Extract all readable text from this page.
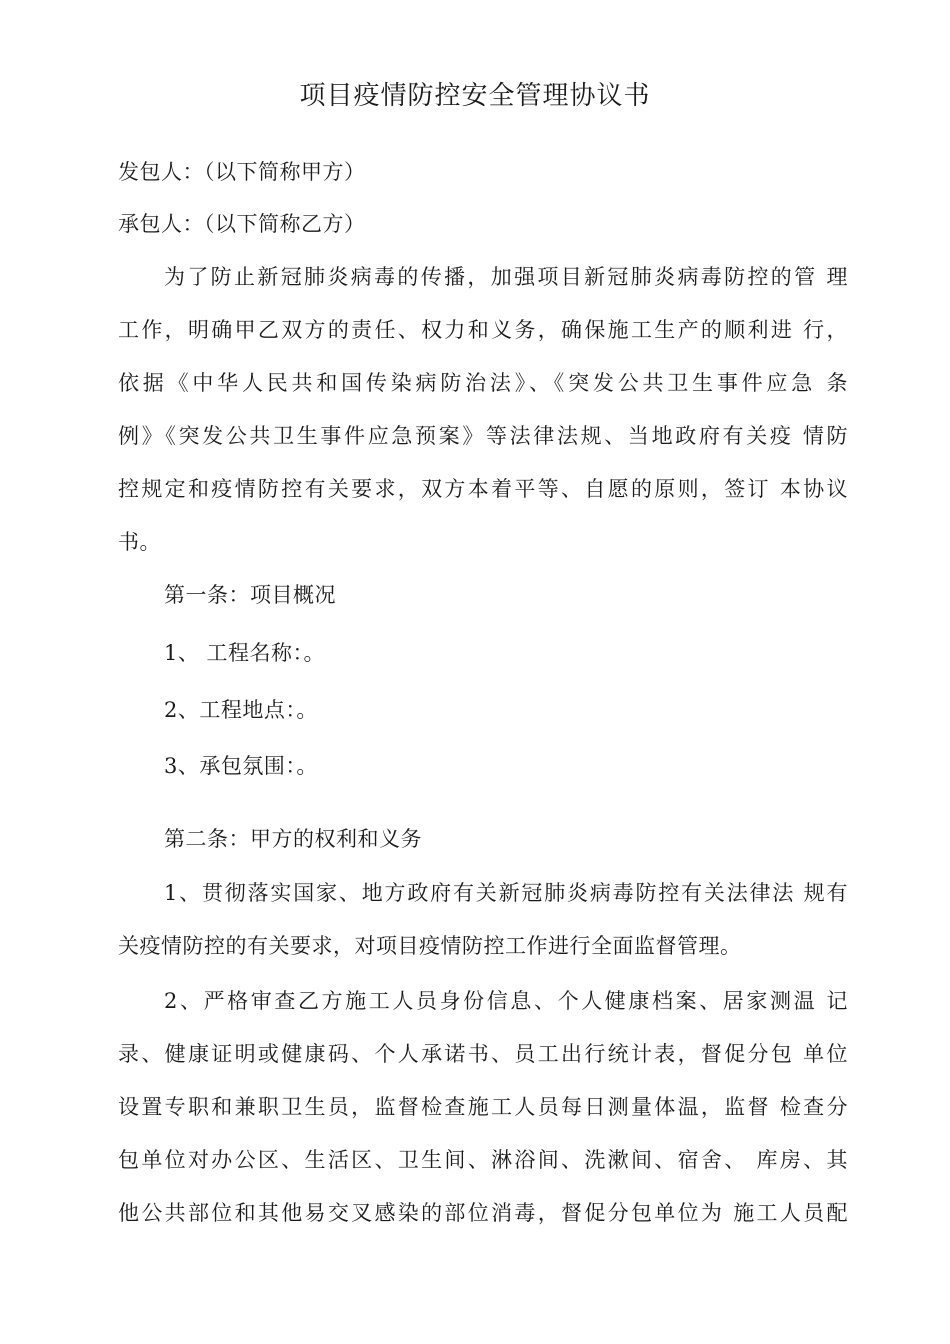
项目疫情防控安全管理协议书
发包人：（以下简称甲方）
承包人：（以下简称乙方）
为了防止新冠肺炎病毒的传播，加强项目新冠肺炎病毒防控的管 理
工作，明确甲乙双方的责任、权力和义务，确保施工生产的顺利进 行，
依据《中华人民共和国传染病防治法》、《突发公共卫生事件应急 条
例》《突发公共卫生事件应急预案》等法律法规、当地政府有关疫 情防
控规定和疫情防控有关要求，双方本着平等、自愿的原则，签订 本协议
书。
第一条：项目概况
1、 工程名称：。
2、工程地点：。
3、承包氛围：。
第二条：甲方的权利和义务
1、贯彻落实国家、地方政府有关新冠肺炎病毒防控有关法律法 规有
关疫情防控的有关要求，对项目疫情防控工作进行全面监督管理。
2、严格审查乙方施工人员身份信息、个人健康档案、居家测温 记
录、健康证明或健康码、个人承诺书、员工出行统计表，督促分包 单位
设置专职和兼职卫生员，监督检查施工人员每日测量体温，监督 检查分
包单位对办公区、生活区、卫生间、淋浴间、洗漱间、宿舍、 库房、其
他公共部位和其他易交叉感染的部位消毒，督促分包单位为 施工人员配
